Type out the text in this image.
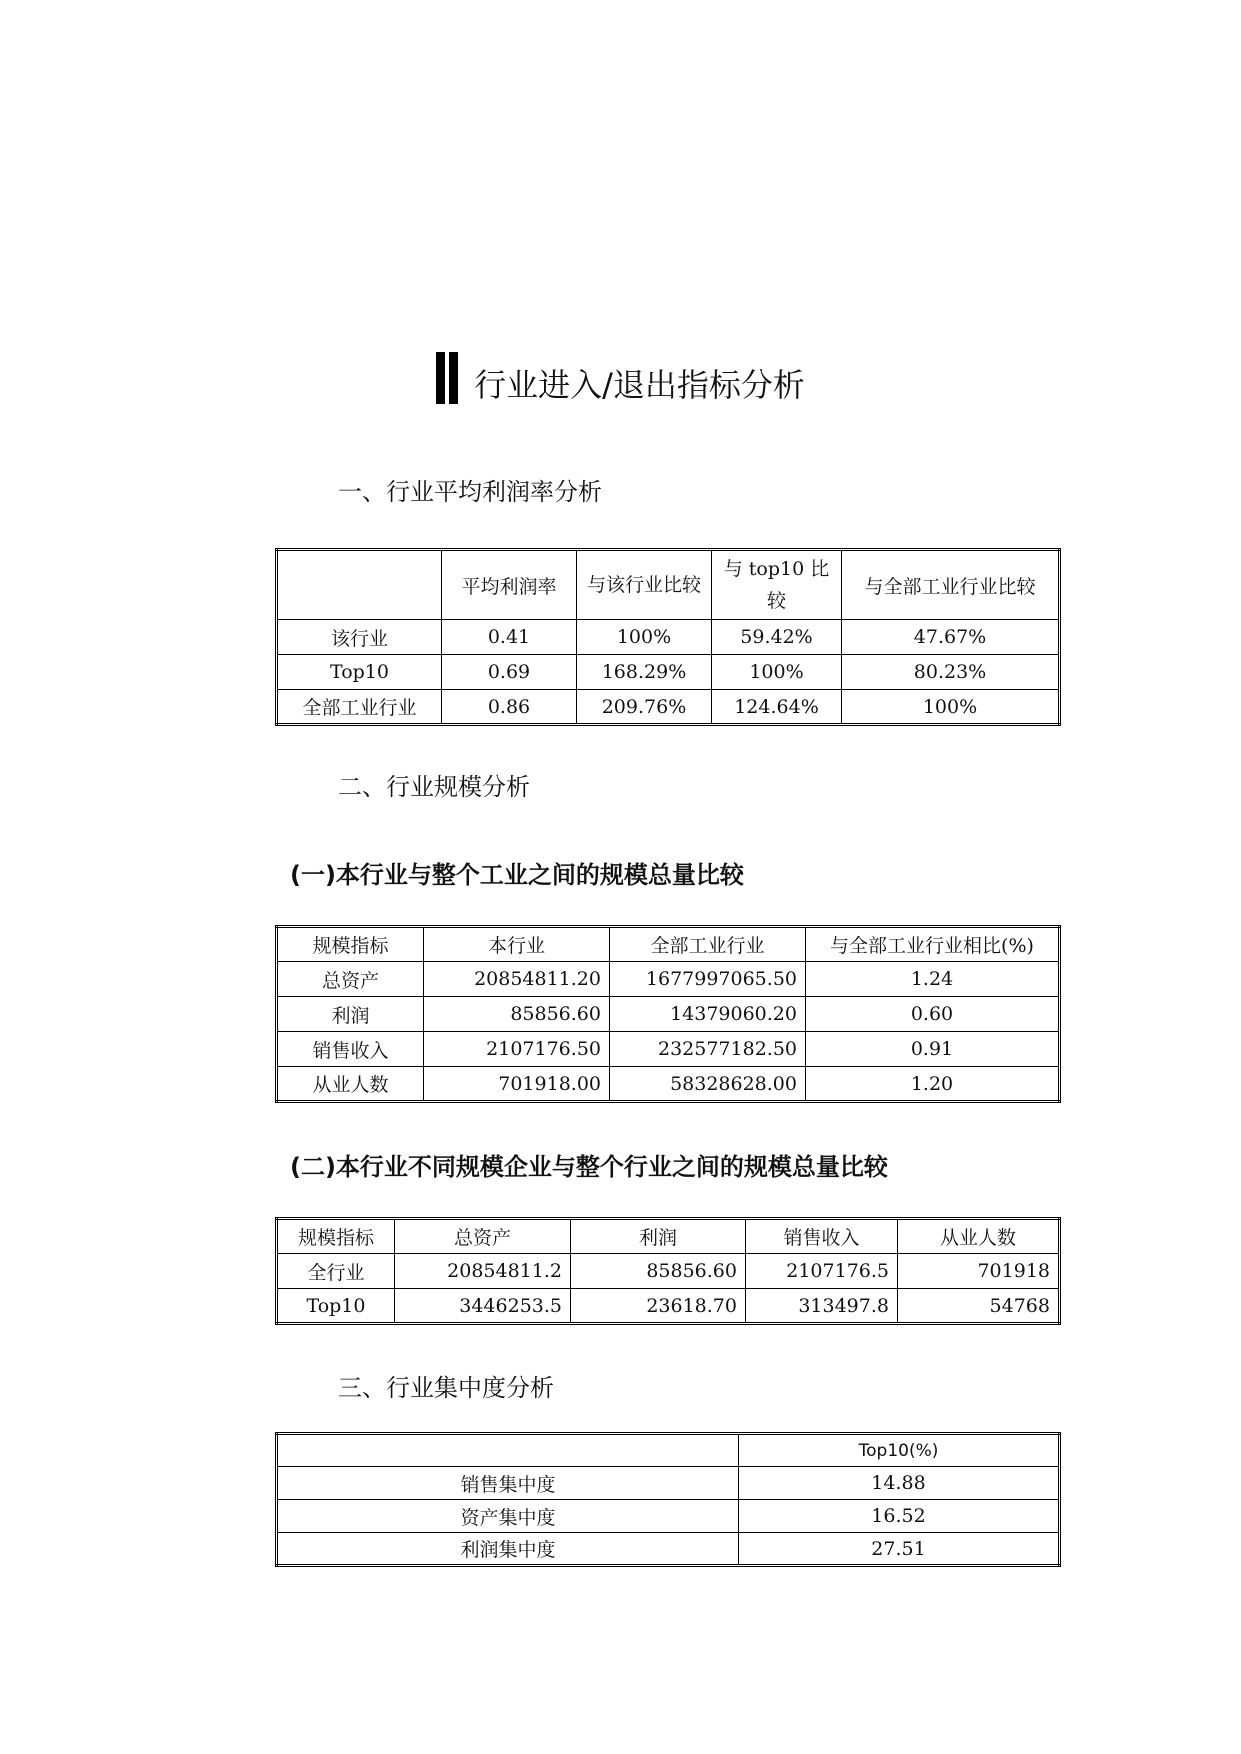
行业进入/退出指标分析
一、行业平均利润率分析
	平均利润率	与该行业比较	与 top10 比较	与全部工业行业比较
该行业	0.41	100%	59.42%	47.67%
Top10	0.69	168.29%	100%	80.23%
全部工业行业	0.86	209.76%	124.64%	100%
二、行业规模分析
(一)本行业与整个工业之间的规模总量比较
规模指标	本行业	全部工业行业	与全部工业行业相比(%)
总资产	20854811.20	1677997065.50	1.24
利润	85856.60	14379060.20	0.60
销售收入	2107176.50	232577182.50	0.91
从业人数	701918.00	58328628.00	1.20
(二)本行业不同规模企业与整个行业之间的规模总量比较
规模指标	总资产	利润	销售收入	从业人数
全行业	20854811.2	85856.60	2107176.5	701918
Top10	3446253.5	23618.70	313497.8	54768
三、行业集中度分析
	Top10(%)
销售集中度	14.88
资产集中度	16.52
利润集中度	27.51
